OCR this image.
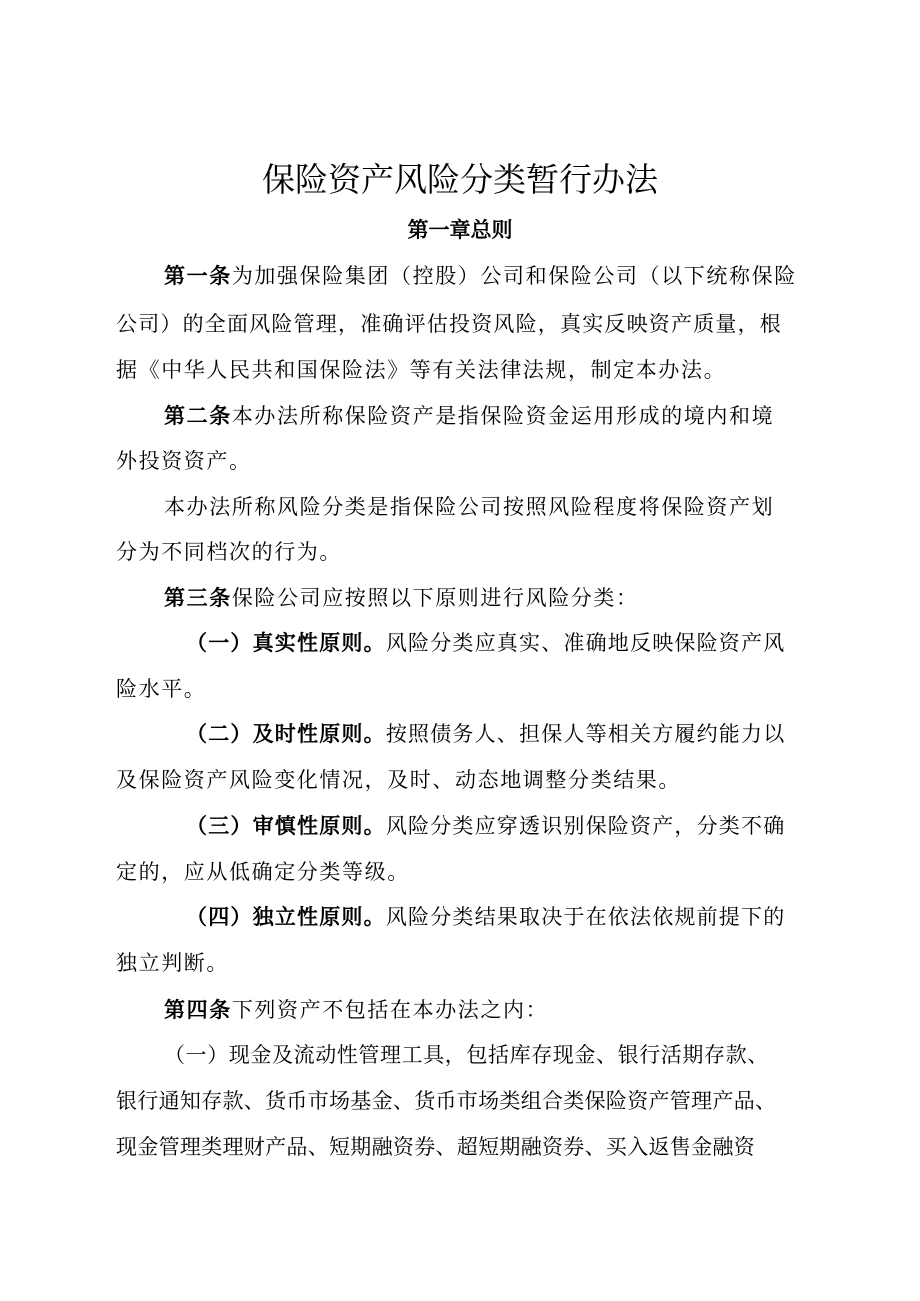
保险资产风险分类暂行办法
第一章总则
第一条为加强保险集团（控股）公司和保险公司（以下统称保险
公司）的全面风险管理，准确评估投资风险，真实反映资产质量，根
据《中华人民共和国保险法》等有关法律法规，制定本办法。
第二条本办法所称保险资产是指保险资金运用形成的境内和境
外投资资产。
本办法所称风险分类是指保险公司按照风险程度将保险资产划
分为不同档次的行为。
第三条保险公司应按照以下原则进行风险分类：
（一）真实性原则。风险分类应真实、准确地反映保险资产风
险水平。
（二）及时性原则。按照债务人、担保人等相关方履约能力以
及保险资产风险变化情况，及时、动态地调整分类结果。
（三）审慎性原则。风险分类应穿透识别保险资产，分类不确
定的，应从低确定分类等级。
（四）独立性原则。风险分类结果取决于在依法依规前提下的
独立判断。
第四条下列资产不包括在本办法之内：
（一）现金及流动性管理工具，包括库存现金、银行活期存款、
银行通知存款、货币市场基金、货币市场类组合类保险资产管理产品、
现金管理类理财产品、短期融资券、超短期融资券、买入返售金融资
